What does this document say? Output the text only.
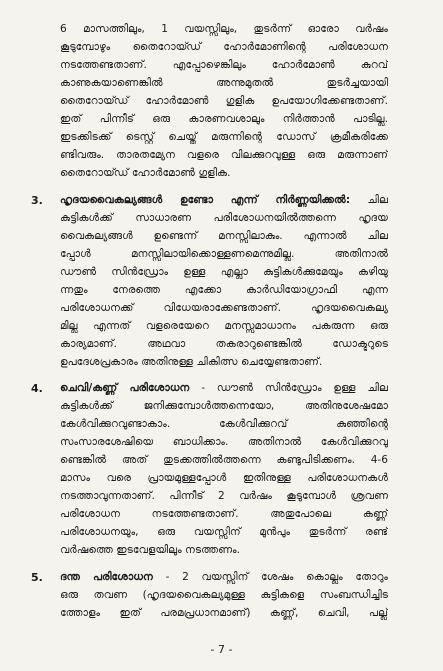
6 മാസത്തിലും, 1 വയസ്സിലും, തുടർന്ന് ഓരോ വർഷം
കൂടുമ്പോഴും തൈറോയ്ഡ് ഹോർമോണിന്റെ പരിശോധന
നടത്തേണ്ടതാണ്. എപ്പോഴെങ്കിലും ഹോർമോൺ കുറവ്
കാണുകയാണെങ്കിൽ അന്നുമുതൽ തുടർച്ചയായി
തൈറോയ്ഡ് ഹോർമോൺ ഗുളിക ഉപയോഗിക്കേണ്ടതാണ്.
ഇത് പിന്നീട് ഒരു കാരണവശാലും നിർത്താൻ പാടില്ല.
ഇടക്കിടക്ക് ടെസ്റ്റ് ചെയ്ത് മരുന്നിന്റെ ഡോസ് ക്രമീകരിക്കേ
ണ്ടിവരും. താരതമ്യേന വളരെ വിലക്കുറവുള്ള ഒരു മരുന്നാണ്
തൈറോയ്ഡ് ഹോർമോൺ ഗുളിക.
3. ഹൃദയവൈകല്യങ്ങൾ ഉണ്ടോ എന്ന് നിർണ്ണയിക്കൽ: ചില
കുട്ടികൾക്ക് സാധാരണ പരിശോധനയിൽത്തന്നെ ഹൃദയ
വൈകല്യങ്ങൾ ഉണ്ടെന്ന് മനസ്സിലാകും. എന്നാൽ ചില
പ്പോൾ മനസ്സിലായിക്കൊള്ളണമെന്നുമില്ല. അതിനാൽ
ഡൗൺ സിൻഡ്രോം ഉള്ള എല്ലാ കുട്ടികൾക്കുമേയും കഴിയു
ന്നതും നേരത്തെ എക്കോ കാർഡിയോഗ്രാഫി എന്ന
പരിശോധനക്ക് വിധേയരാക്കേണ്ടതാണ്. ഹൃദയവൈകല്യ
മില്ല എന്നത് വളരെയേറെ മനസ്സമാധാനം പകരുന്ന ഒരു
കാര്യമാണ്. അഥവാ തകരാറുണ്ടെങ്കിൽ ഡോക്ടറുടെ
ഉപദേശപ്രകാരം അതിനുള്ള ചികിത്സ ചെയ്യേണ്ടതാണ്.
4. ചെവി/കണ്ണ് പരിശോധന - ഡൗൺ സിൻഡ്രോം ഉള്ള ചില
കുട്ടികൾക്ക് ജനിക്കുമ്പോൾത്തന്നെയോ, അതിനുശേഷമോ
കേൾവിക്കുറവുണ്ടാകാം. കേൾവിക്കുറവ് കുഞ്ഞിന്റെ
സംസാരശേഷിയെ ബാധിക്കാം. അതിനാൽ കേൾവിക്കുറവു
ണ്ടെങ്കിൽ അത് തുടക്കത്തിൽത്തന്നെ കണ്ടുപിടിക്കണം. 4-6
മാസം വരെ പ്രായമുള്ളപ്പോൾ ഇതിനുള്ള പരിശോധനകൾ
നടത്താവുന്നതാണ്. പിന്നീട് 2 വർഷം കൂടുമ്പോൾ ശ്രവണ
പരിശോധന നടത്തേണ്ടതാണ്. അതുപോലെ കണ്ണ്
പരിശോധനയും, ഒരു വയസ്സിന് മുൻപും തുടർന്ന് രണ്ട്
വർഷത്തെ ഇടവേളയിലും നടത്തണം.
5. ദന്ത പരിശോധന - 2 വയസ്സിന് ശേഷം കൊല്ലം തോറും
ഒരു തവണ (ഹൃദയവൈകല്യമുള്ള കുട്ടികളെ സംബന്ധിച്ചിട
ത്തോളം ഇത് പരമപ്രധാനമാണ്) കണ്ണ്, ചെവി, പല്ല്
- 7 -
